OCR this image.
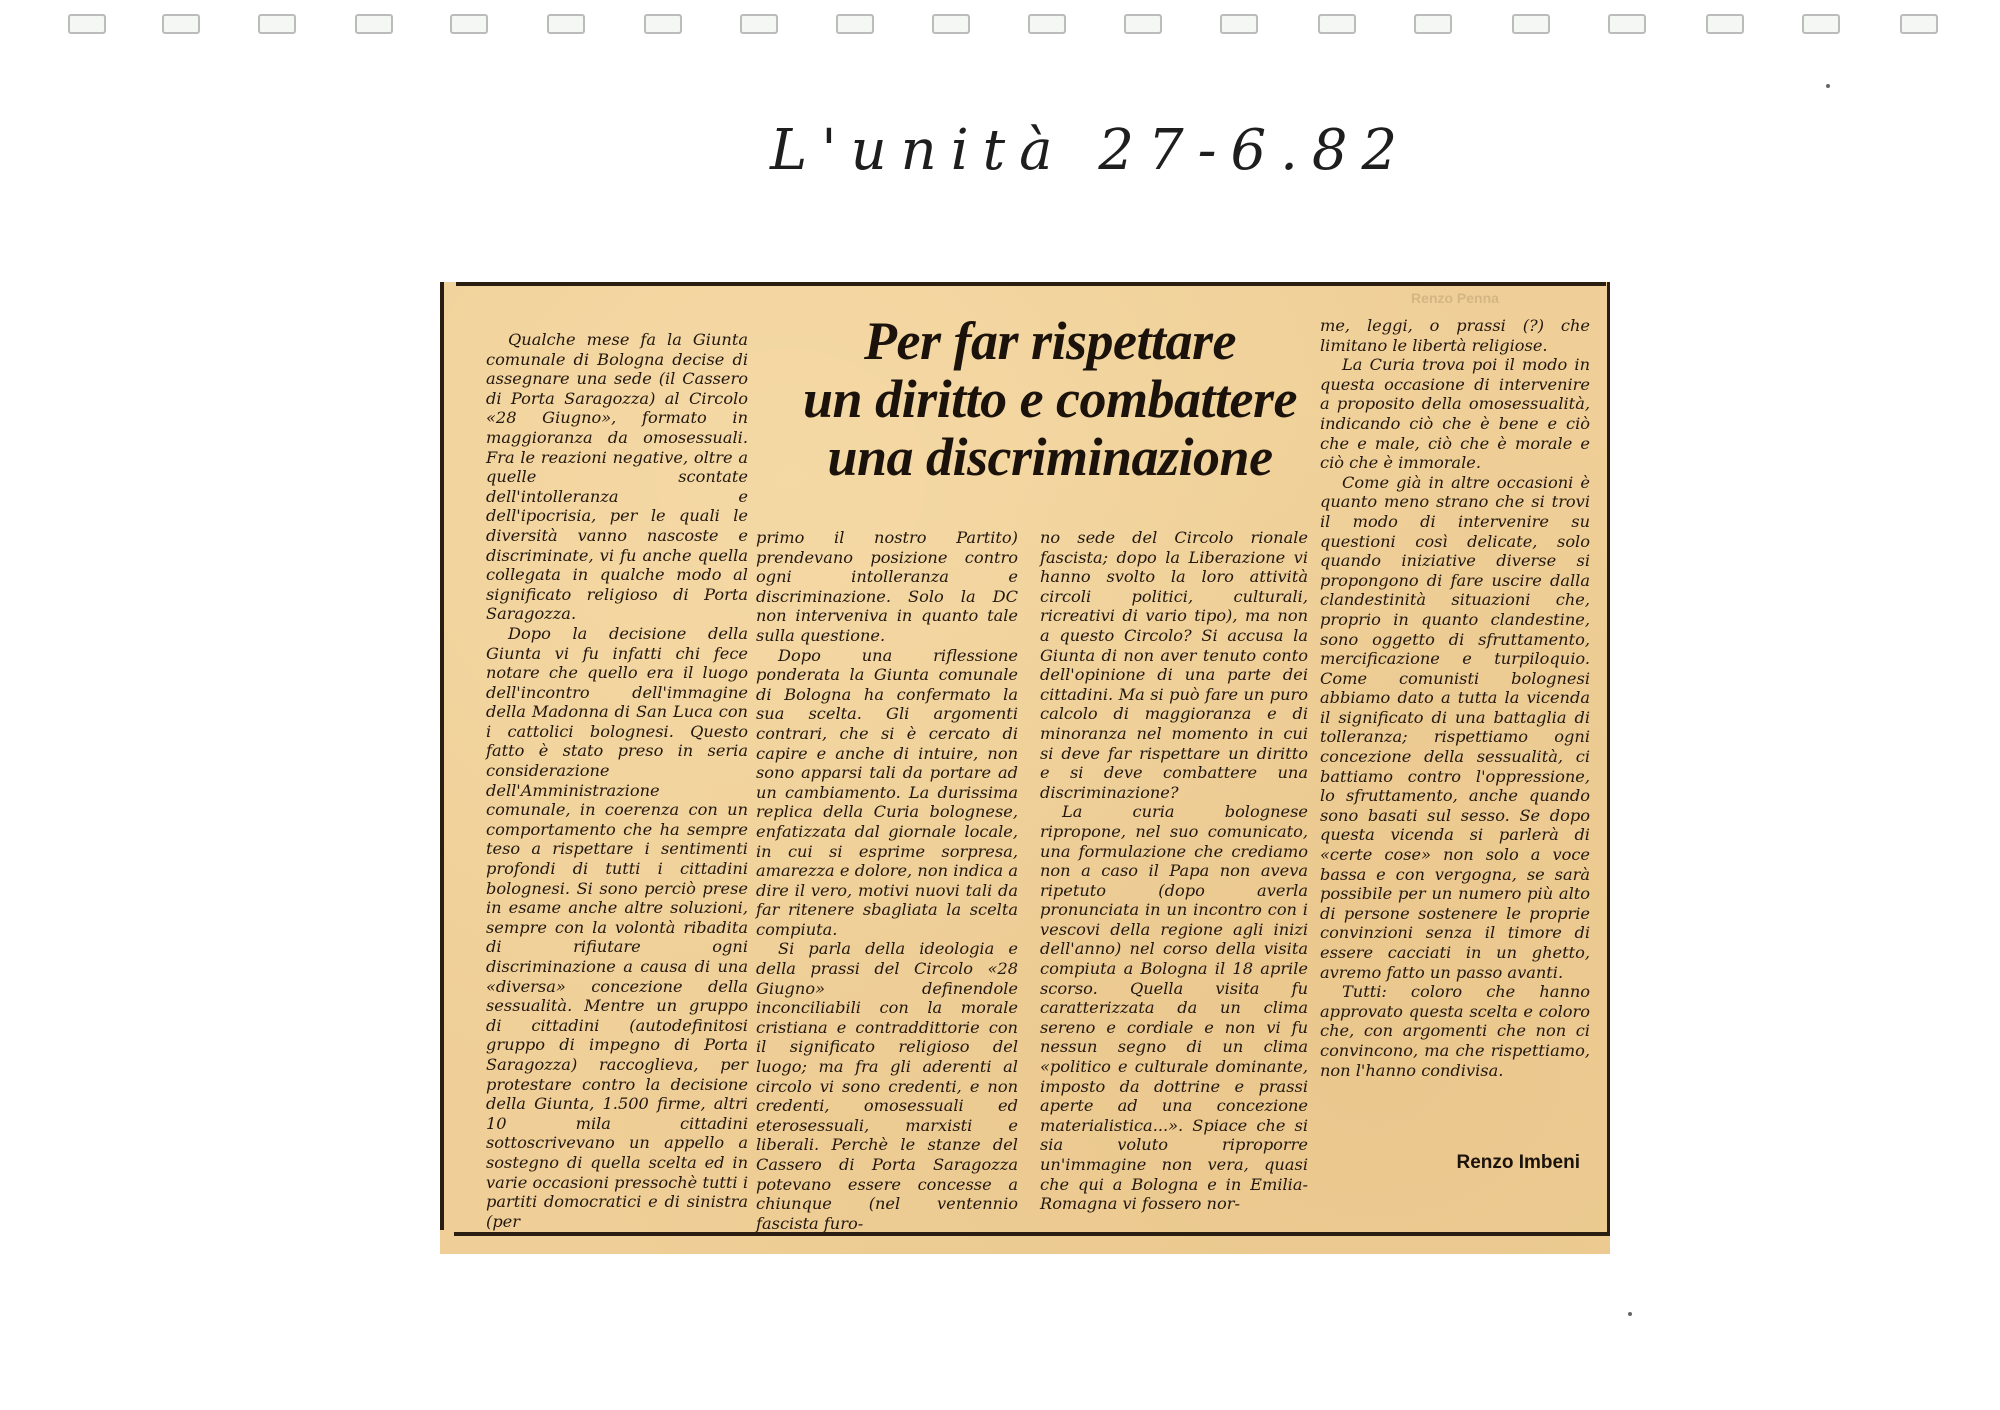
L'unità 27-6.82
Renzo Penna
Per far rispettare
un diritto e combattere
una discriminazione

Qualche mese fa la Giunta comunale di Bologna decise di assegnare una sede (il Cassero di Porta Saragozza) al Circolo «28 Giugno», formato in maggioranza da omosessuali. Fra le reazioni negative, oltre a quelle scontate dell'intolleranza e dell'ipocrisia, per le quali le diversità vanno nascoste e discriminate, vi fu anche quella collegata in qualche modo al significato religioso di Porta Saragozza.

Dopo la decisione della Giunta vi fu infatti chi fece notare che quello era il luogo dell'incontro dell'immagine della Madonna di San Luca con i cattolici bolognesi. Questo fatto è stato preso in seria considerazione dell'Amministrazione comunale, in coerenza con un comportamento che ha sempre teso a rispettare i sentimenti profondi di tutti i cittadini bolognesi. Si sono perciò prese in esame anche altre soluzioni, sempre con la volontà ribadita di rifiutare ogni discriminazione a causa di una «diversa» concezione della sessualità. Mentre un gruppo di cittadini (autodefinitosi gruppo di impegno di Porta Saragozza) raccoglieva, per protestare contro la decisione della Giunta, 1.500 firme, altri 10 mila cittadini sottoscrivevano un appello a sostegno di quella scelta ed in varie occasioni pressochè tutti i partiti domocratici e di sinistra (per

primo il nostro Partito) prendevano posizione contro ogni intolleranza e discriminazione. Solo la DC non interveniva in quanto tale sulla questione.

Dopo una riflessione ponderata la Giunta comunale di Bologna ha confermato la sua scelta. Gli argomenti contrari, che si è cercato di capire e anche di intuire, non sono apparsi tali da portare ad un cambiamento. La durissima replica della Curia bolognese, enfatizzata dal giornale locale, in cui si esprime sorpresa, amarezza e dolore, non indica a dire il vero, motivi nuovi tali da far ritenere sbagliata la scelta compiuta.

Si parla della ideologia e della prassi del Circolo «28 Giugno» definendole inconciliabili con la morale cristiana e contraddittorie con il significato religioso del luogo; ma fra gli aderenti al circolo vi sono credenti, e non credenti, omosessuali ed eterosessuali, marxisti e liberali. Perchè le stanze del Cassero di Porta Saragozza potevano essere concesse a chiunque (nel ventennio fascista furo-

no sede del Circolo rionale fascista; dopo la Liberazione vi hanno svolto la loro attività circoli politici, culturali, ricreativi di vario tipo), ma non a questo Circolo? Si accusa la Giunta di non aver tenuto conto dell'opinione di una parte dei cittadini. Ma si può fare un puro calcolo di maggioranza e di minoranza nel momento in cui si deve far rispettare un diritto e si deve combattere una discriminazione?

La curia bolognese ripropone, nel suo comunicato, una formulazione che crediamo non a caso il Papa non aveva ripetuto (dopo averla pronunciata in un incontro con i vescovi della regione agli inizi dell'anno) nel corso della visita compiuta a Bologna il 18 aprile scorso. Quella visita fu caratterizzata da un clima sereno e cordiale e non vi fu nessun segno di un clima «politico e culturale dominante, imposto da dottrine e prassi aperte ad una concezione materialistica...». Spiace che si sia voluto riproporre un'immagine non vera, quasi che qui a Bologna e in Emilia-Romagna vi fossero nor-

me, leggi, o prassi (?) che limitano le libertà religiose.

La Curia trova poi il modo in questa occasione di intervenire a proposito della omosessualità, indicando ciò che è bene e ciò che e male, ciò che è morale e ciò che è immorale.

Come già in altre occasioni è quanto meno strano che si trovi il modo di intervenire su questioni così delicate, solo quando iniziative diverse si propongono di fare uscire dalla clandestinità situazioni che, proprio in quanto clandestine, sono oggetto di sfruttamento, mercificazione e turpiloquio. Come comunisti bolognesi abbiamo dato a tutta la vicenda il significato di una battaglia di tolleranza; rispettiamo ogni concezione della sessualità, ci battiamo contro l'oppressione, lo sfruttamento, anche quando sono basati sul sesso. Se dopo questa vicenda si parlerà di «certe cose» non solo a voce bassa e con vergogna, se sarà possibile per un numero più alto di persone sostenere le proprie convinzioni senza il timore di essere cacciati in un ghetto, avremo fatto un passo avanti.

Tutti: coloro che hanno approvato questa scelta e coloro che, con argomenti che non ci convincono, ma che rispettiamo, non l'hanno condivisa.

Renzo Imbeni
